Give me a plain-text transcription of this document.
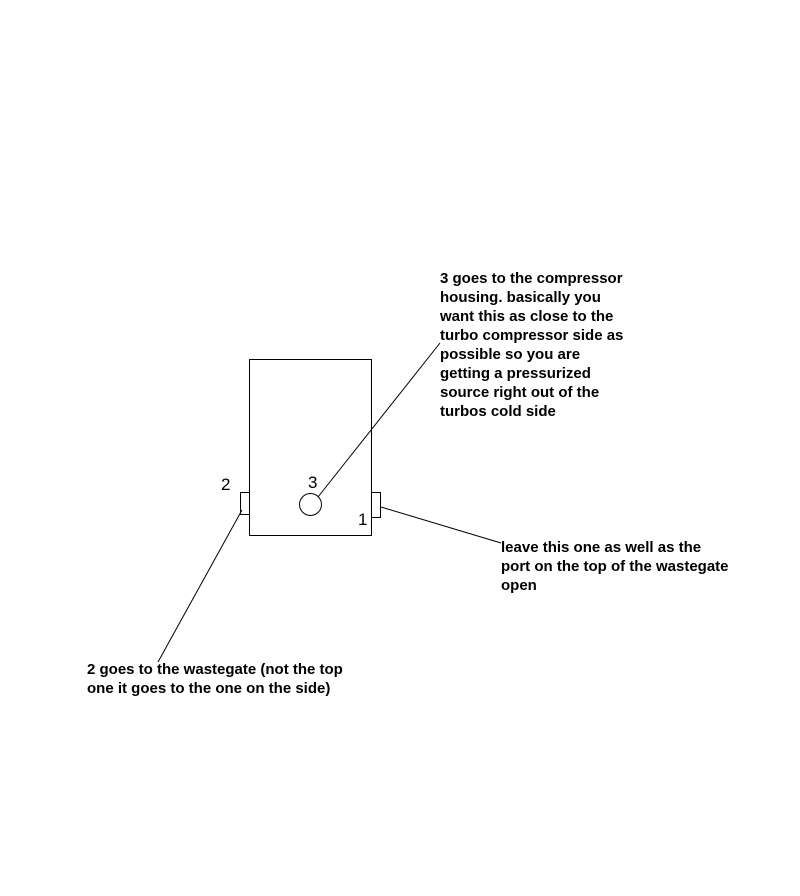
2	3
1

3 goes to the compressor housing. basically you want this as close to the turbo compressor side as possible so you are getting a pressurized source right out of the turbos cold side

leave this one as well as the port on the top of the wastegate open

2 goes to the wastegate (not the top one it goes to the one on the side)
